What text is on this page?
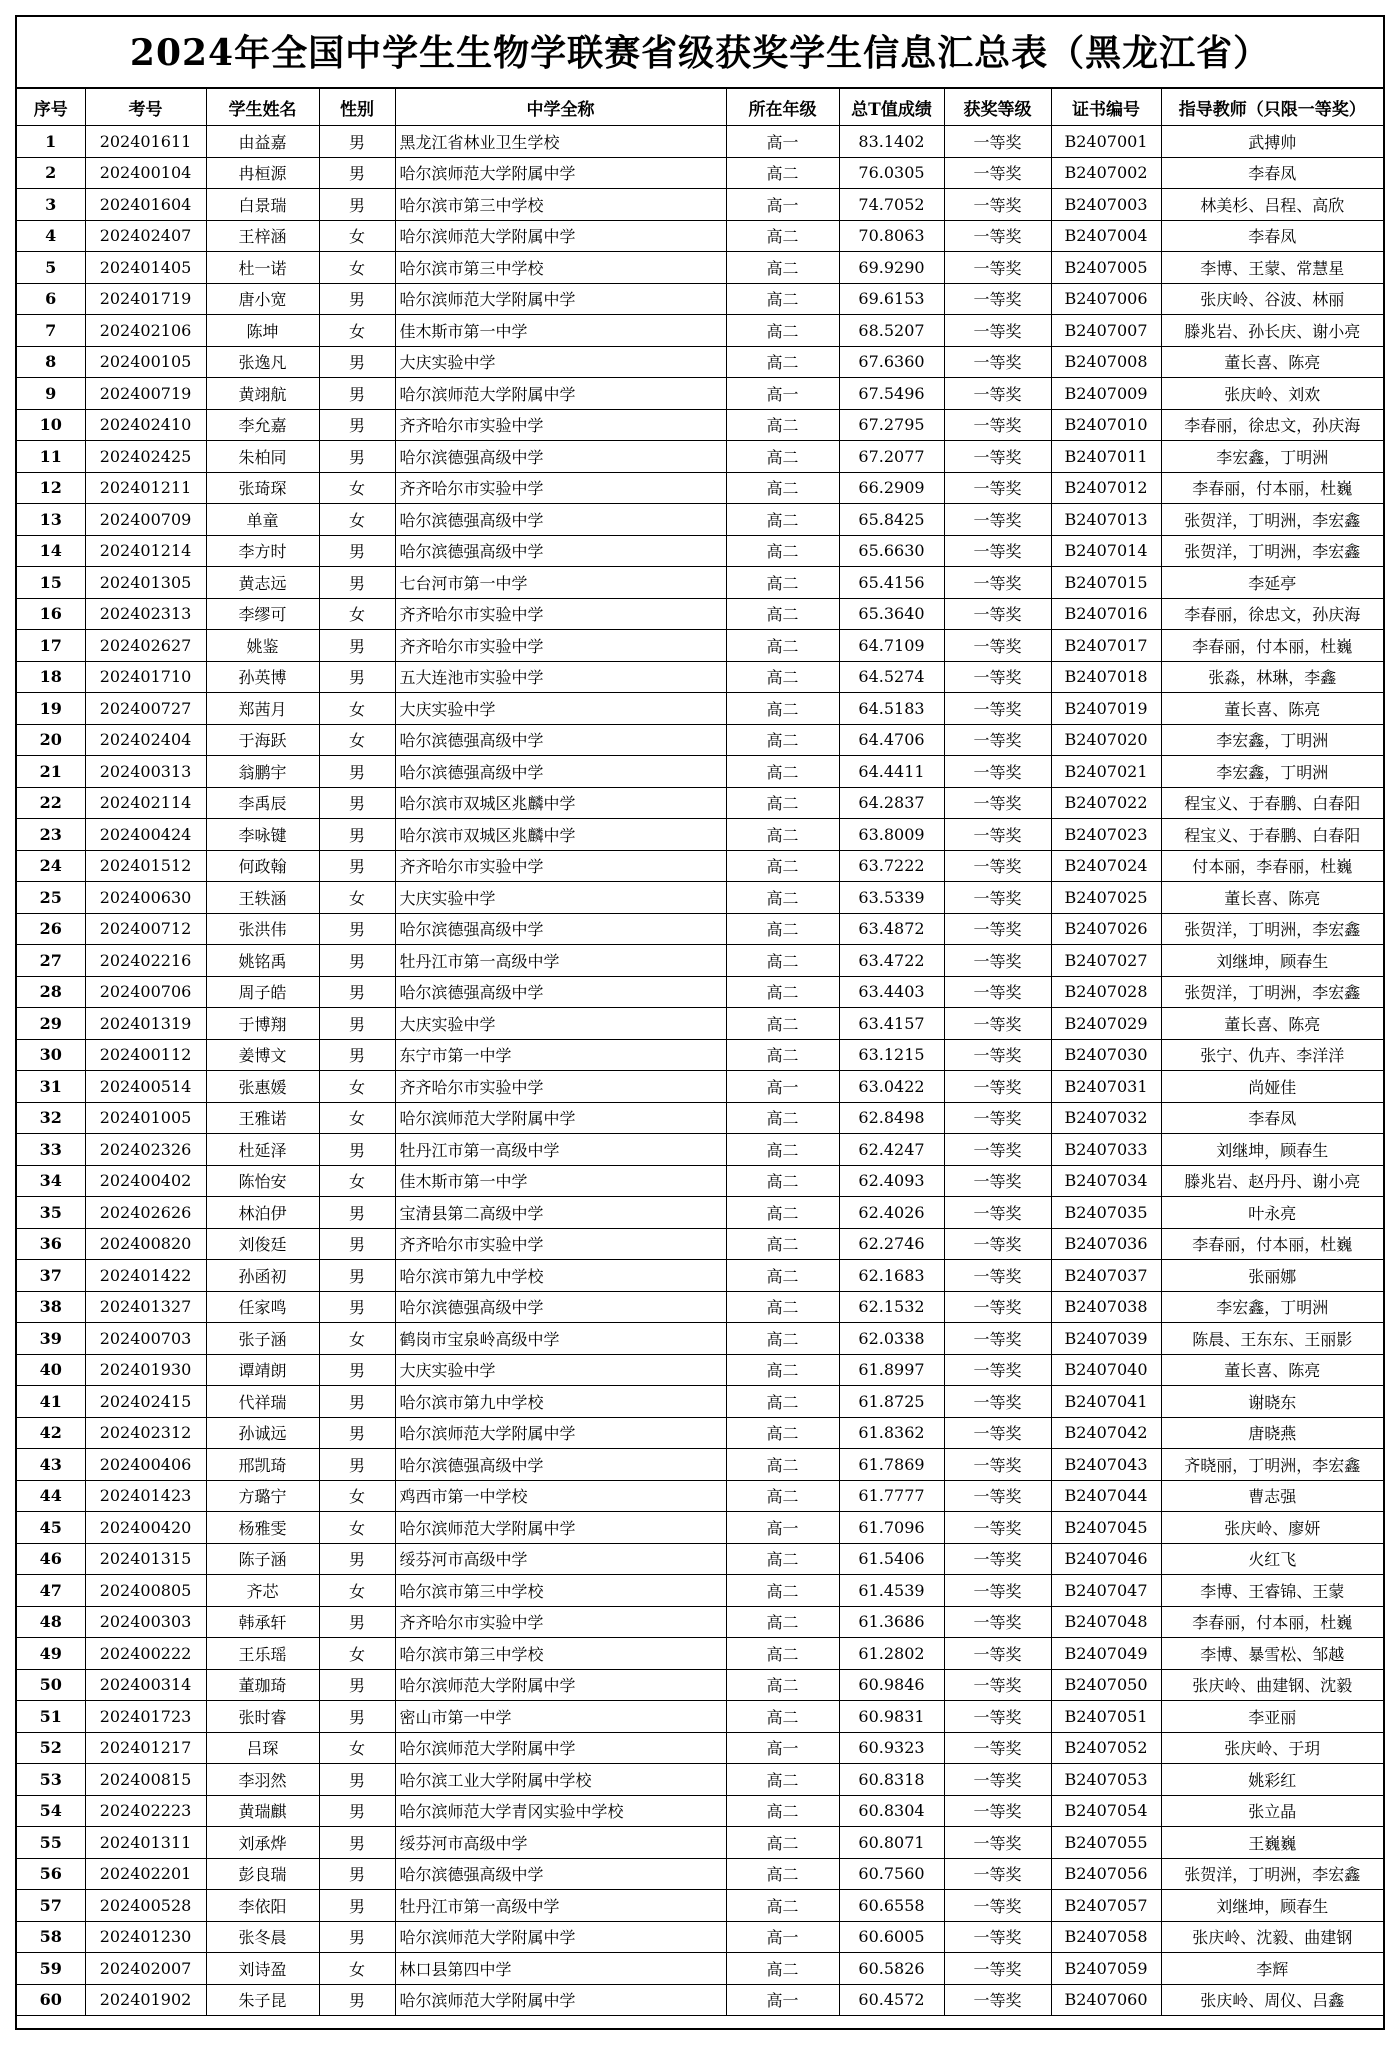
2024年全国中学生生物学联赛省级获奖学生信息汇总表（黑龙江省）
序号	考号	学生姓名	性别	中学全称	所在年级	总T值成绩	获奖等级	证书编号	指导教师（只限一等奖）
1	202401611	由益嘉	男	黑龙江省林业卫生学校	高一	83.1402	一等奖	B2407001	武搏帅
2	202400104	冉桓源	男	哈尔滨师范大学附属中学	高二	76.0305	一等奖	B2407002	李春凤
3	202401604	白景瑞	男	哈尔滨市第三中学校	高一	74.7052	一等奖	B2407003	林美杉、吕程、高欣
4	202402407	王梓涵	女	哈尔滨师范大学附属中学	高二	70.8063	一等奖	B2407004	李春凤
5	202401405	杜一诺	女	哈尔滨市第三中学校	高二	69.9290	一等奖	B2407005	李博、王蒙、常慧星
6	202401719	唐小宽	男	哈尔滨师范大学附属中学	高二	69.6153	一等奖	B2407006	张庆岭、谷波、林丽
7	202402106	陈坤	女	佳木斯市第一中学	高二	68.5207	一等奖	B2407007	滕兆岩、孙长庆、谢小亮
8	202400105	张逸凡	男	大庆实验中学	高二	67.6360	一等奖	B2407008	董长喜、陈亮
9	202400719	黄翊航	男	哈尔滨师范大学附属中学	高一	67.5496	一等奖	B2407009	张庆岭、刘欢
10	202402410	李允嘉	男	齐齐哈尔市实验中学	高二	67.2795	一等奖	B2407010	李春丽，徐忠文，孙庆海
11	202402425	朱柏同	男	哈尔滨德强高级中学	高二	67.2077	一等奖	B2407011	李宏鑫，丁明洲
12	202401211	张琦琛	女	齐齐哈尔市实验中学	高二	66.2909	一等奖	B2407012	李春丽，付本丽，杜巍
13	202400709	单童	女	哈尔滨德强高级中学	高二	65.8425	一等奖	B2407013	张贺洋，丁明洲，李宏鑫
14	202401214	李方时	男	哈尔滨德强高级中学	高二	65.6630	一等奖	B2407014	张贺洋，丁明洲，李宏鑫
15	202401305	黄志远	男	七台河市第一中学	高二	65.4156	一等奖	B2407015	李延亭
16	202402313	李缪可	女	齐齐哈尔市实验中学	高二	65.3640	一等奖	B2407016	李春丽，徐忠文，孙庆海
17	202402627	姚鉴	男	齐齐哈尔市实验中学	高二	64.7109	一等奖	B2407017	李春丽，付本丽，杜巍
18	202401710	孙英博	男	五大连池市实验中学	高二	64.5274	一等奖	B2407018	张淼，林琳，李鑫
19	202400727	郑茜月	女	大庆实验中学	高二	64.5183	一等奖	B2407019	董长喜、陈亮
20	202402404	于海跃	女	哈尔滨德强高级中学	高二	64.4706	一等奖	B2407020	李宏鑫，丁明洲
21	202400313	翁鹏宇	男	哈尔滨德强高级中学	高二	64.4411	一等奖	B2407021	李宏鑫，丁明洲
22	202402114	李禹辰	男	哈尔滨市双城区兆麟中学	高二	64.2837	一等奖	B2407022	程宝义、于春鹏、白春阳
23	202400424	李咏键	男	哈尔滨市双城区兆麟中学	高二	63.8009	一等奖	B2407023	程宝义、于春鹏、白春阳
24	202401512	何政翰	男	齐齐哈尔市实验中学	高二	63.7222	一等奖	B2407024	付本丽，李春丽，杜巍
25	202400630	王轶涵	女	大庆实验中学	高二	63.5339	一等奖	B2407025	董长喜、陈亮
26	202400712	张洪伟	男	哈尔滨德强高级中学	高二	63.4872	一等奖	B2407026	张贺洋，丁明洲，李宏鑫
27	202402216	姚铭禹	男	牡丹江市第一高级中学	高二	63.4722	一等奖	B2407027	刘继坤，顾春生
28	202400706	周子皓	男	哈尔滨德强高级中学	高二	63.4403	一等奖	B2407028	张贺洋，丁明洲，李宏鑫
29	202401319	于博翔	男	大庆实验中学	高二	63.4157	一等奖	B2407029	董长喜、陈亮
30	202400112	姜博文	男	东宁市第一中学	高二	63.1215	一等奖	B2407030	张宁、仇卉、李洋洋
31	202400514	张惠媛	女	齐齐哈尔市实验中学	高一	63.0422	一等奖	B2407031	尚娅佳
32	202401005	王雅诺	女	哈尔滨师范大学附属中学	高二	62.8498	一等奖	B2407032	李春凤
33	202402326	杜延泽	男	牡丹江市第一高级中学	高二	62.4247	一等奖	B2407033	刘继坤，顾春生
34	202400402	陈怡安	女	佳木斯市第一中学	高二	62.4093	一等奖	B2407034	滕兆岩、赵丹丹、谢小亮
35	202402626	林泊伊	男	宝清县第二高级中学	高二	62.4026	一等奖	B2407035	叶永亮
36	202400820	刘俊廷	男	齐齐哈尔市实验中学	高二	62.2746	一等奖	B2407036	李春丽，付本丽，杜巍
37	202401422	孙函初	男	哈尔滨市第九中学校	高二	62.1683	一等奖	B2407037	张丽娜
38	202401327	任家鸣	男	哈尔滨德强高级中学	高二	62.1532	一等奖	B2407038	李宏鑫，丁明洲
39	202400703	张子涵	女	鹤岗市宝泉岭高级中学	高二	62.0338	一等奖	B2407039	陈晨、王东东、王丽影
40	202401930	谭靖朗	男	大庆实验中学	高二	61.8997	一等奖	B2407040	董长喜、陈亮
41	202402415	代祥瑞	男	哈尔滨市第九中学校	高二	61.8725	一等奖	B2407041	谢晓东
42	202402312	孙诚远	男	哈尔滨师范大学附属中学	高二	61.8362	一等奖	B2407042	唐晓燕
43	202400406	邢凯琦	男	哈尔滨德强高级中学	高二	61.7869	一等奖	B2407043	齐晓丽，丁明洲，李宏鑫
44	202401423	方璐宁	女	鸡西市第一中学校	高二	61.7777	一等奖	B2407044	曹志强
45	202400420	杨雅雯	女	哈尔滨师范大学附属中学	高一	61.7096	一等奖	B2407045	张庆岭、廖妍
46	202401315	陈子涵	男	绥芬河市高级中学	高二	61.5406	一等奖	B2407046	火红飞
47	202400805	齐芯	女	哈尔滨市第三中学校	高二	61.4539	一等奖	B2407047	李博、王睿锦、王蒙
48	202400303	韩承轩	男	齐齐哈尔市实验中学	高二	61.3686	一等奖	B2407048	李春丽，付本丽，杜巍
49	202400222	王乐瑶	女	哈尔滨市第三中学校	高二	61.2802	一等奖	B2407049	李博、暴雪松、邹越
50	202400314	董珈琦	男	哈尔滨师范大学附属中学	高二	60.9846	一等奖	B2407050	张庆岭、曲建钢、沈毅
51	202401723	张时睿	男	密山市第一中学	高二	60.9831	一等奖	B2407051	李亚丽
52	202401217	吕琛	女	哈尔滨师范大学附属中学	高一	60.9323	一等奖	B2407052	张庆岭、于玥
53	202400815	李羽然	男	哈尔滨工业大学附属中学校	高二	60.8318	一等奖	B2407053	姚彩红
54	202402223	黄瑞麒	男	哈尔滨师范大学青冈实验中学校	高二	60.8304	一等奖	B2407054	张立晶
55	202401311	刘承烨	男	绥芬河市高级中学	高二	60.8071	一等奖	B2407055	王巍巍
56	202402201	彭良瑞	男	哈尔滨德强高级中学	高二	60.7560	一等奖	B2407056	张贺洋，丁明洲，李宏鑫
57	202400528	李依阳	男	牡丹江市第一高级中学	高二	60.6558	一等奖	B2407057	刘继坤，顾春生
58	202401230	张冬晨	男	哈尔滨师范大学附属中学	高一	60.6005	一等奖	B2407058	张庆岭、沈毅、曲建钢
59	202402007	刘诗盈	女	林口县第四中学	高二	60.5826	一等奖	B2407059	李辉
60	202401902	朱子昆	男	哈尔滨师范大学附属中学	高一	60.4572	一等奖	B2407060	张庆岭、周仪、吕鑫
